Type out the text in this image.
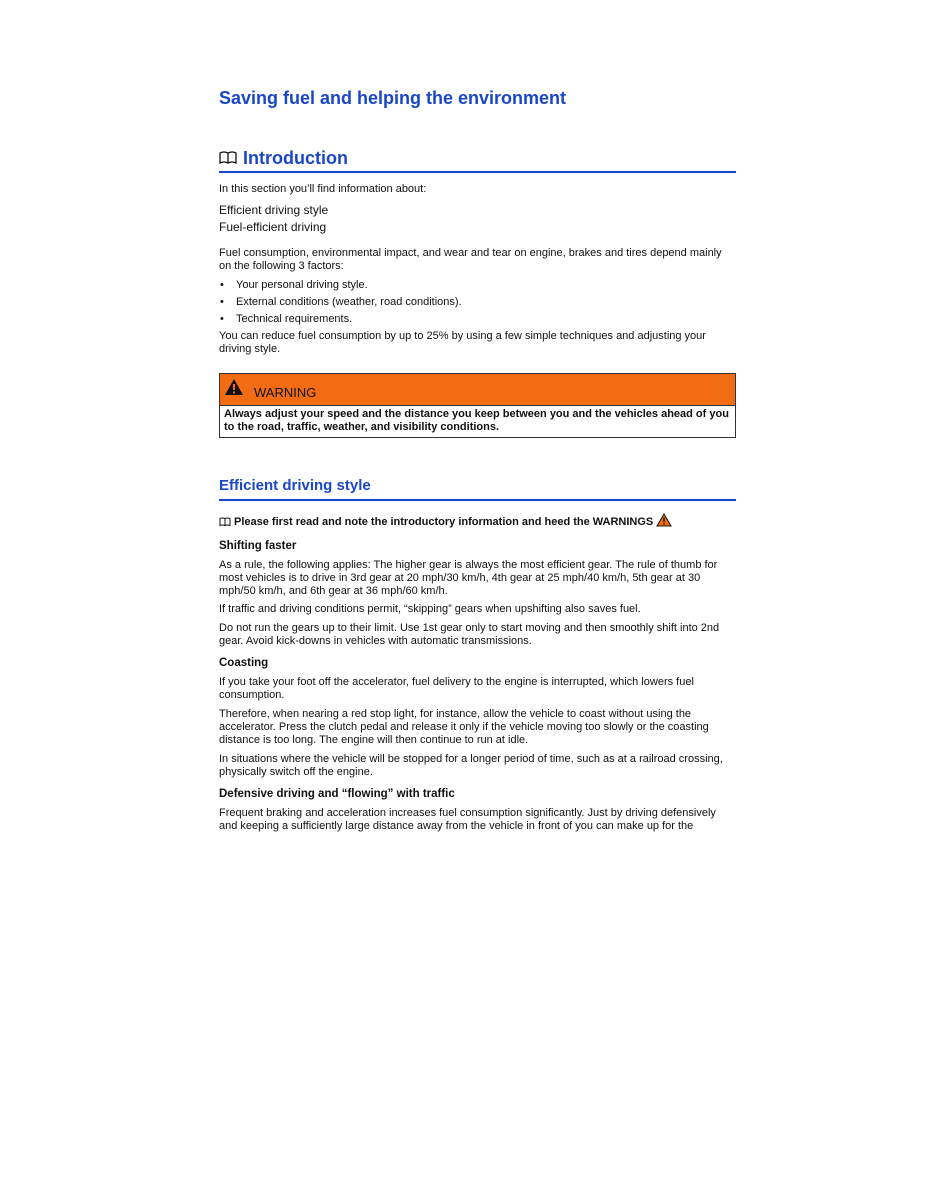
Saving fuel and helping the environment
Introduction

In this section you’ll find information about:

Efficient driving style
Fuel-efficient driving

Fuel consumption, environmental impact, and wear and tear on engine, brakes and tires depend mainly on the following 3 factors:

• Your personal driving style.
• External conditions (weather, road conditions).
• Technical requirements.

You can reduce fuel consumption by up to 25% by using a few simple techniques and adjusting your driving style.

WARNING
Always adjust your speed and the distance you keep between you and the vehicles ahead of you to the road, traffic, weather, and visibility conditions.
Efficient driving style
Please first read and note the introductory information and heed the WARNINGS
Shifting faster

As a rule, the following applies: The higher gear is always the most efficient gear. The rule of thumb for most vehicles is to drive in 3rd gear at 20 mph/30 km/h, 4th gear at 25 mph/40 km/h, 5th gear at 30 mph/50 km/h, and 6th gear at 36 mph/60 km/h.

If traffic and driving conditions permit, “skipping” gears when upshifting also saves fuel.

Do not run the gears up to their limit. Use 1st gear only to start moving and then smoothly shift into 2nd gear. Avoid kick-downs in vehicles with automatic transmissions.

Coasting

If you take your foot off the accelerator, fuel delivery to the engine is interrupted, which lowers fuel consumption.

Therefore, when nearing a red stop light, for instance, allow the vehicle to coast without using the accelerator. Press the clutch pedal and release it only if the vehicle moving too slowly or the coasting distance is too long. The engine will then continue to run at idle.

In situations where the vehicle will be stopped for a longer period of time, such as at a railroad crossing, physically switch off the engine.

Defensive driving and “flowing” with traffic

Frequent braking and acceleration increases fuel consumption significantly. Just by driving defensively and keeping a sufficiently large distance away from the vehicle in front of you can make up for the
